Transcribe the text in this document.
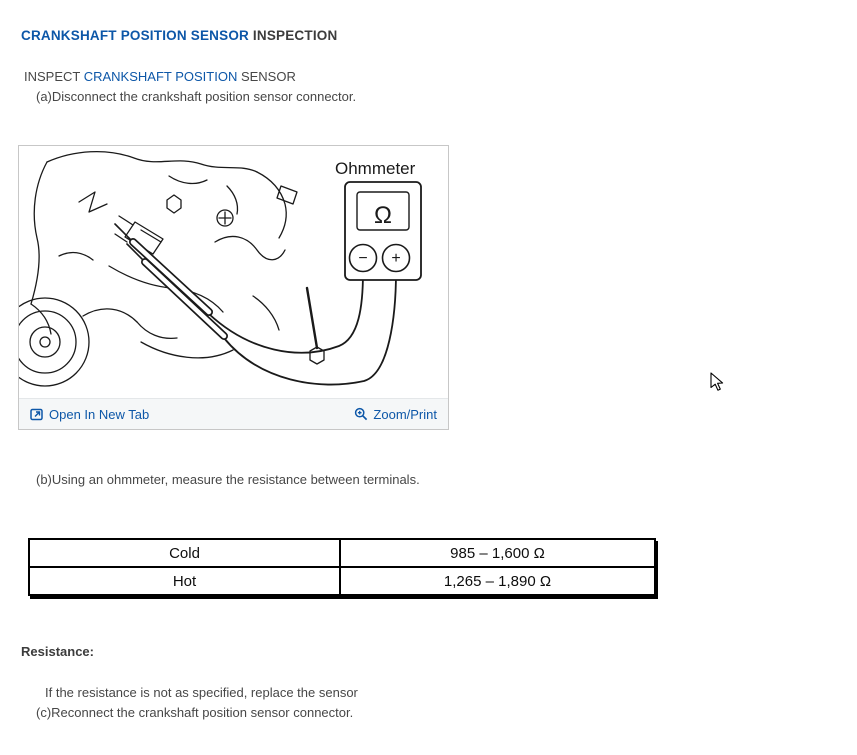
CRANKSHAFT POSITION SENSOR INSPECTION
INSPECT CRANKSHAFT POSITION SENSOR
(a)Disconnect the crankshaft position sensor connector.
Ω
− +
Ohmmeter
Open In New Tab	Zoom/Print
(b)Using an ohmmeter, measure the resistance between terminals.
Cold	985 – 1,600 Ω
Hot	1,265 – 1,890 Ω
Resistance:
If the resistance is not as specified, replace the sensor
(c)Reconnect the crankshaft position sensor connector.
